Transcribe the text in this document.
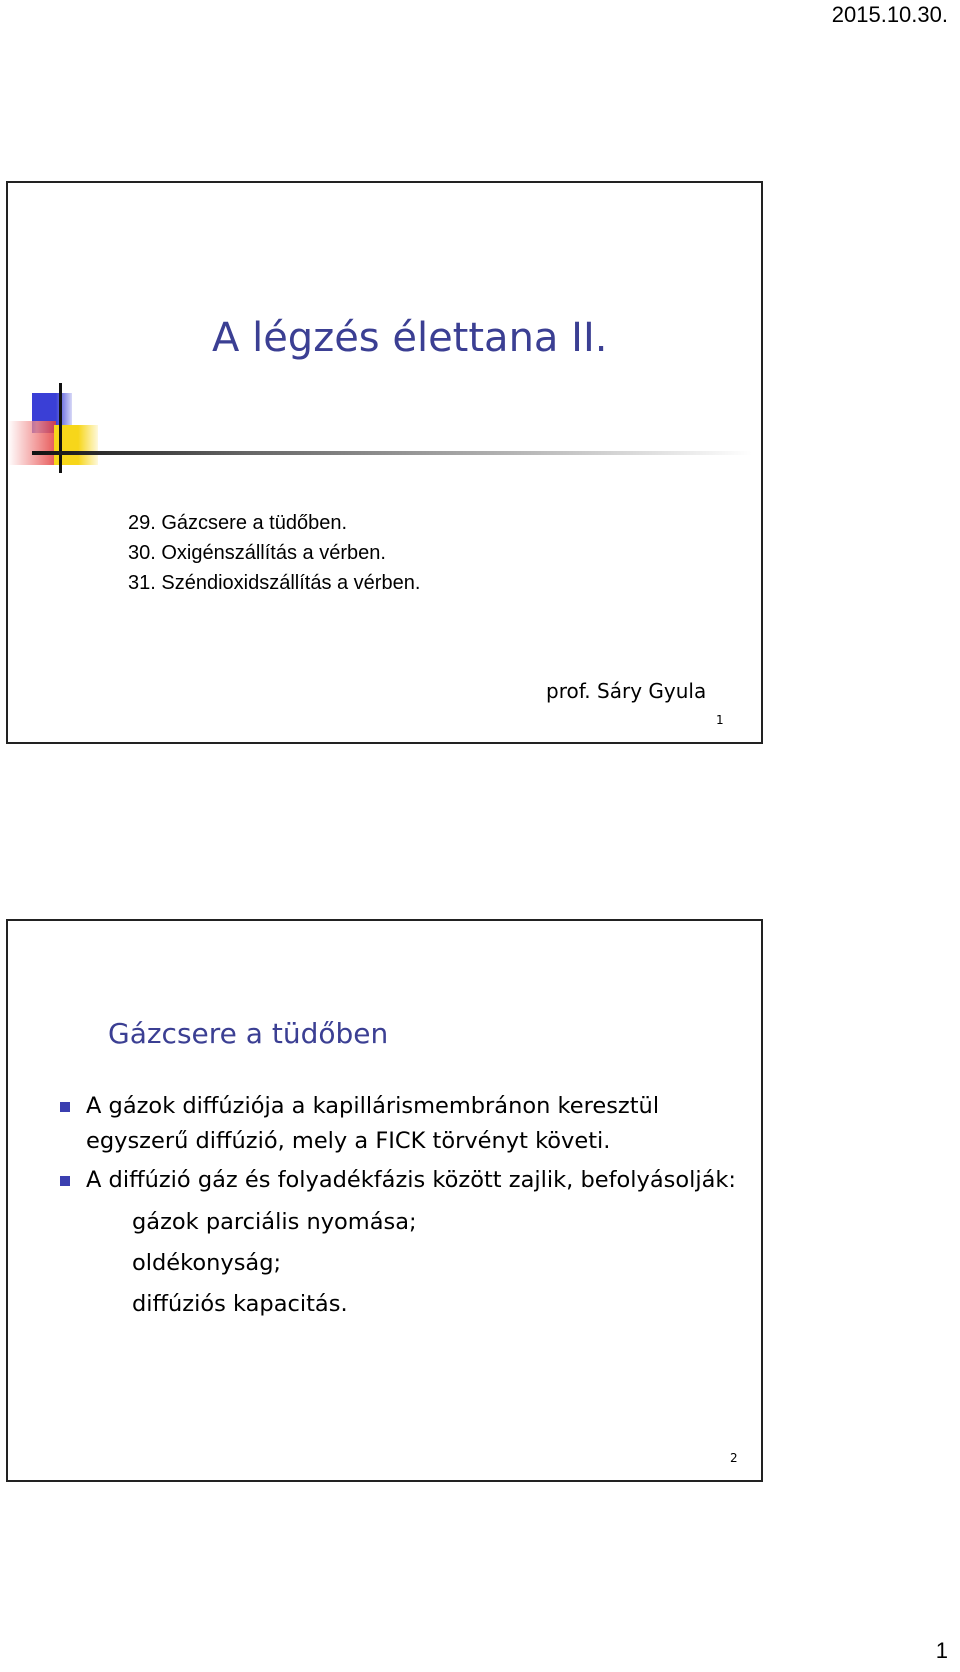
2015.10.30.
A légzés élettana II.
29. Gázcsere a tüdőben.
30. Oxigénszállítás a vérben.
31. Széndioxidszállítás a vérben.
prof. Sáry Gyula
1
Gázcsere a tüdőben
A gázok diffúziója a kapillárismembránon keresztül egyszerű diffúzió, mely a FICK törvényt követi.
A diffúzió gáz és folyadékfázis között zajlik, befolyásolják:
gázok parciális nyomása;
oldékonyság;
diffúziós kapacitás.
2
1
